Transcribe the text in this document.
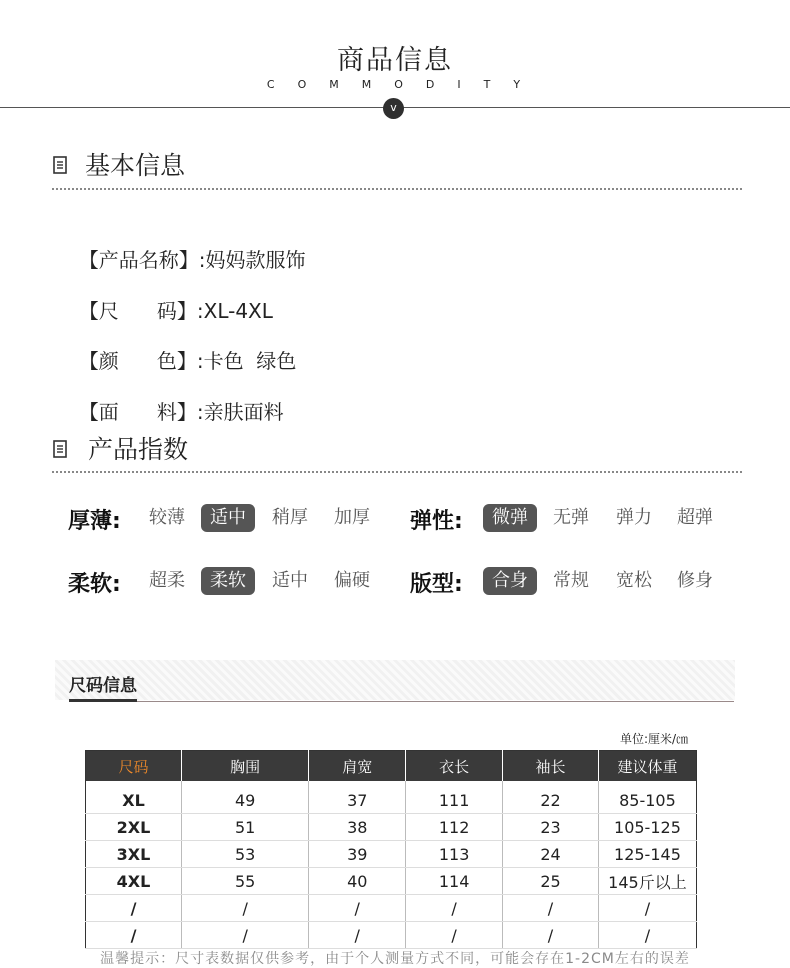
商品信息
COMMODITY
v
基本信息

【产品名称】:妈妈款服饰

【尺      码】:XL-4XL

【颜      色】:卡色  绿色

【面      料】:亲肤面料

产品指数
厚薄:	较薄	适中	稍厚	加厚	弹性:	微弹	无弹	弹力	超弹
柔软:	超柔	柔软	适中	偏硬	版型:	合身	常规	宽松	修身
尺码信息
单位:厘米/㎝
尺码	胸围	肩宽	衣长	袖长	建议体重
XL	49	37	111	22	85-105
2XL	51	38	112	23	105-125
3XL	53	39	113	24	125-145
4XL	55	40	114	25	145斤以上
/	/	/	/	/	/
/	/	/	/	/	/
温馨提示：尺寸表数据仅供参考，由于个人测量方式不同，可能会存在1-2CM左右的误差
